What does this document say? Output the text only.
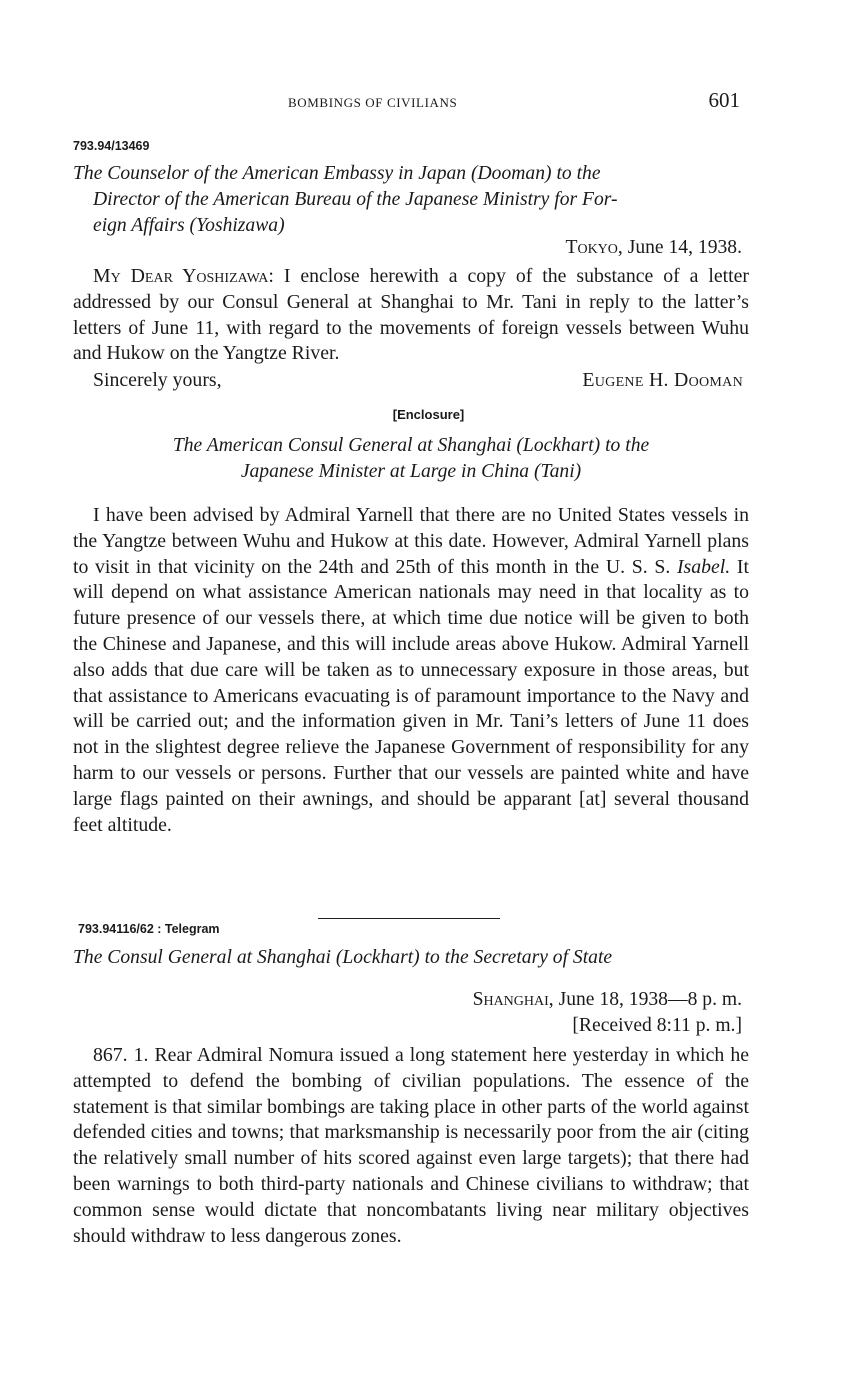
BOMBINGS OF CIVILIANS	601
793.94/13469
The Counselor of the American Embassy in Japan (Dooman) to the
Director of the American Bureau of the Japanese Ministry for For-
eign Affairs (Yoshizawa)
Tokyo, June 14, 1938.

My Dear Yoshizawa: I enclose herewith a copy of the substance of a letter addressed by our Consul General at Shanghai to Mr. Tani in reply to the latter’s letters of June 11, with regard to the movements of foreign vessels between Wuhu and Hukow on the Yangtze River.

Sincerely yours,	Eugene H. Dooman
[Enclosure]
The American Consul General at Shanghai (Lockhart) to the
Japanese Minister at Large in China (Tani)

I have been advised by Admiral Yarnell that there are no United States vessels in the Yangtze between Wuhu and Hukow at this date. However, Admiral Yarnell plans to visit in that vicinity on the 24th and 25th of this month in the U. S. S. Isabel. It will depend on what assistance American nationals may need in that locality as to future presence of our vessels there, at which time due notice will be given to both the Chinese and Japanese, and this will include areas above Hukow. Admiral Yarnell also adds that due care will be taken as to unnecessary exposure in those areas, but that assistance to Americans evacuating is of paramount importance to the Navy and will be carried out; and the information given in Mr. Tani’s letters of June 11 does not in the slightest degree relieve the Japanese Government of responsibility for any harm to our vessels or persons. Further that our vessels are painted white and have large flags painted on their awnings, and should be apparant [at] several thousand feet altitude.

793.94116/62 : Telegram
The Consul General at Shanghai (Lockhart) to the Secretary of State
Shanghai, June 18, 1938—8 p. m.
[Received 8:11 p. m.]

867. 1. Rear Admiral Nomura issued a long statement here yesterday in which he attempted to defend the bombing of civilian populations. The essence of the statement is that similar bombings are taking place in other parts of the world against defended cities and towns; that marksmanship is necessarily poor from the air (citing the relatively small number of hits scored against even large targets); that there had been warnings to both third-party nationals and Chinese civilians to withdraw; that common sense would dictate that noncombatants living near military objectives should withdraw to less dangerous zones.
